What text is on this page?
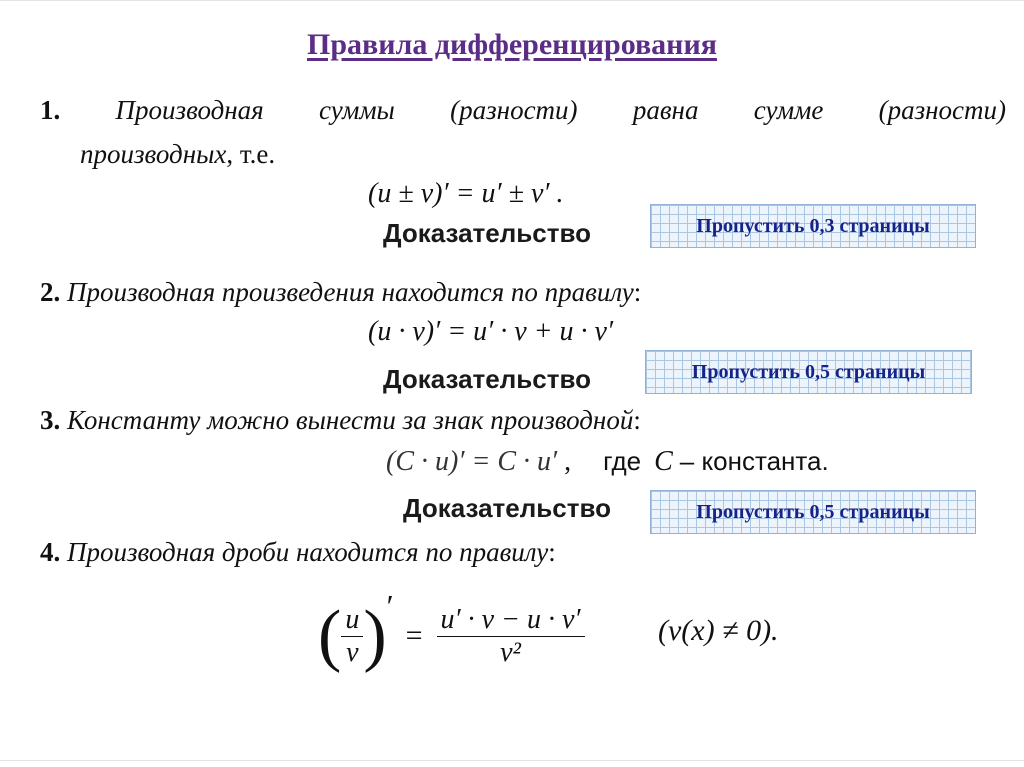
Правила дифференцирования
1. Производная суммы (разности) равна сумме (разности)
производных, т.е.
(u ± v)′ = u′ ± v′ .
Доказательство	Пропустить 0,3 страницы
2. Производная произведения находится по правилу:
(u · v)′ = u′ · v + u · v′
Доказательство	Пропустить 0,5 страницы
3. Константу можно вынести за знак производной:
(C · u)′ = C · u′ , где C – константа.
Доказательство	Пропустить 0,5 страницы
4. Производная дроби находится по правилу:
( $\frac{u}{v}$ ) ′
= $\frac{u' \cdot v - u \cdot v'}{\text{v²}} (v(x) \ne 0)$.
